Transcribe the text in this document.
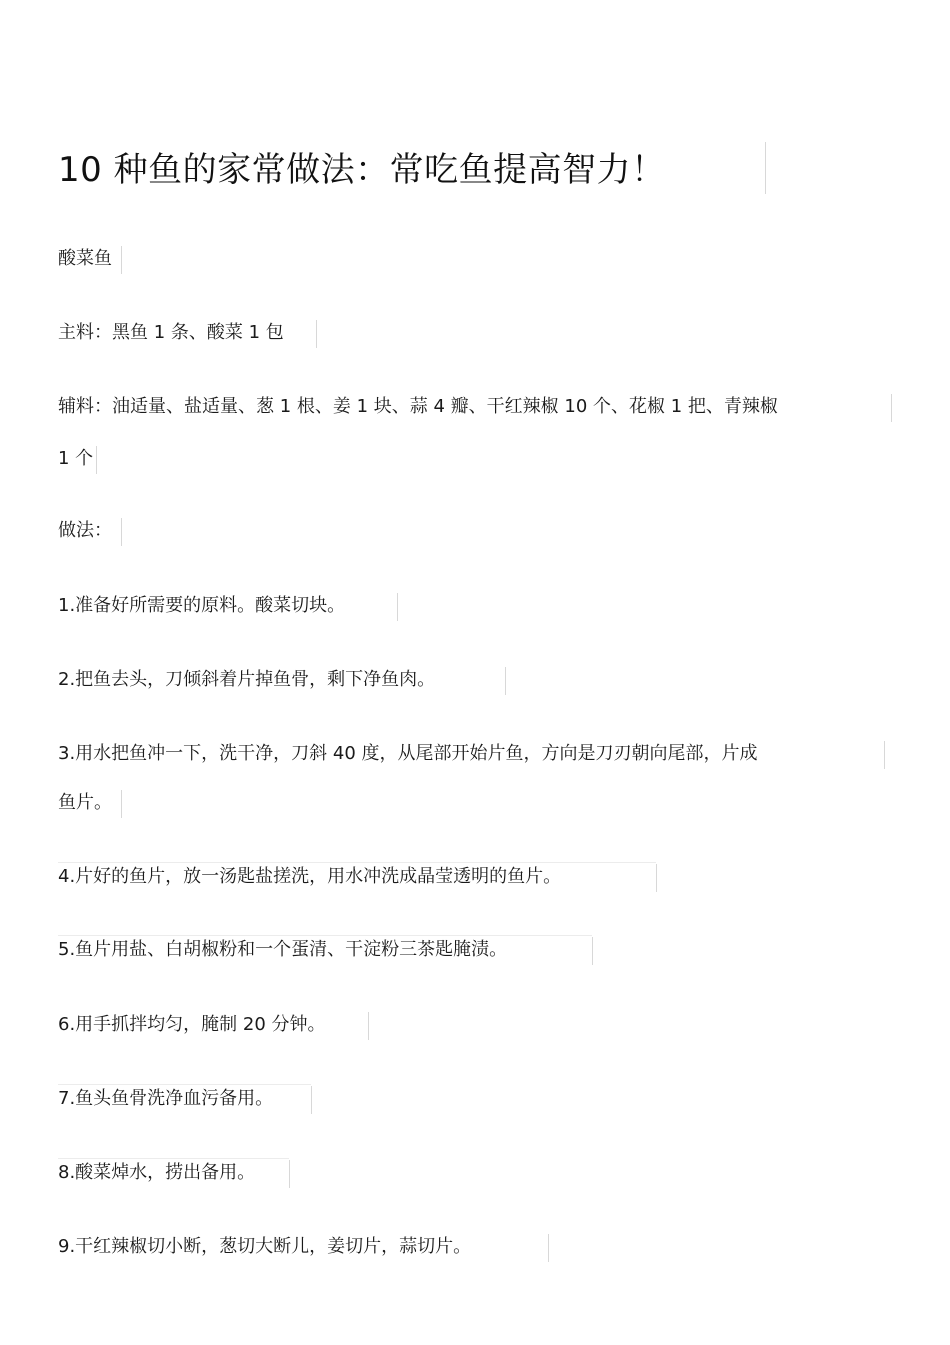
10 种鱼的家常做法：常吃鱼提高智力！
酸菜鱼
主料：黑鱼 1 条、酸菜 1 包
辅料：油适量、盐适量、葱 1 根、姜 1 块、蒜 4 瓣、干红辣椒 10 个、花椒 1 把、青辣椒
1 个
做法：
1.准备好所需要的原料。酸菜切块。
2.把鱼去头，刀倾斜着片掉鱼骨，剩下净鱼肉。
3.用水把鱼冲一下，洗干净，刀斜 40 度，从尾部开始片鱼，方向是刀刃朝向尾部，片成
鱼片。
4.片好的鱼片，放一汤匙盐搓洗，用水冲洗成晶莹透明的鱼片。
5.鱼片用盐、白胡椒粉和一个蛋清、干淀粉三茶匙腌渍。
6.用手抓拌均匀，腌制 20 分钟。
7.鱼头鱼骨洗净血污备用。
8.酸菜焯水，捞出备用。
9.干红辣椒切小断，葱切大断儿，姜切片，蒜切片。
